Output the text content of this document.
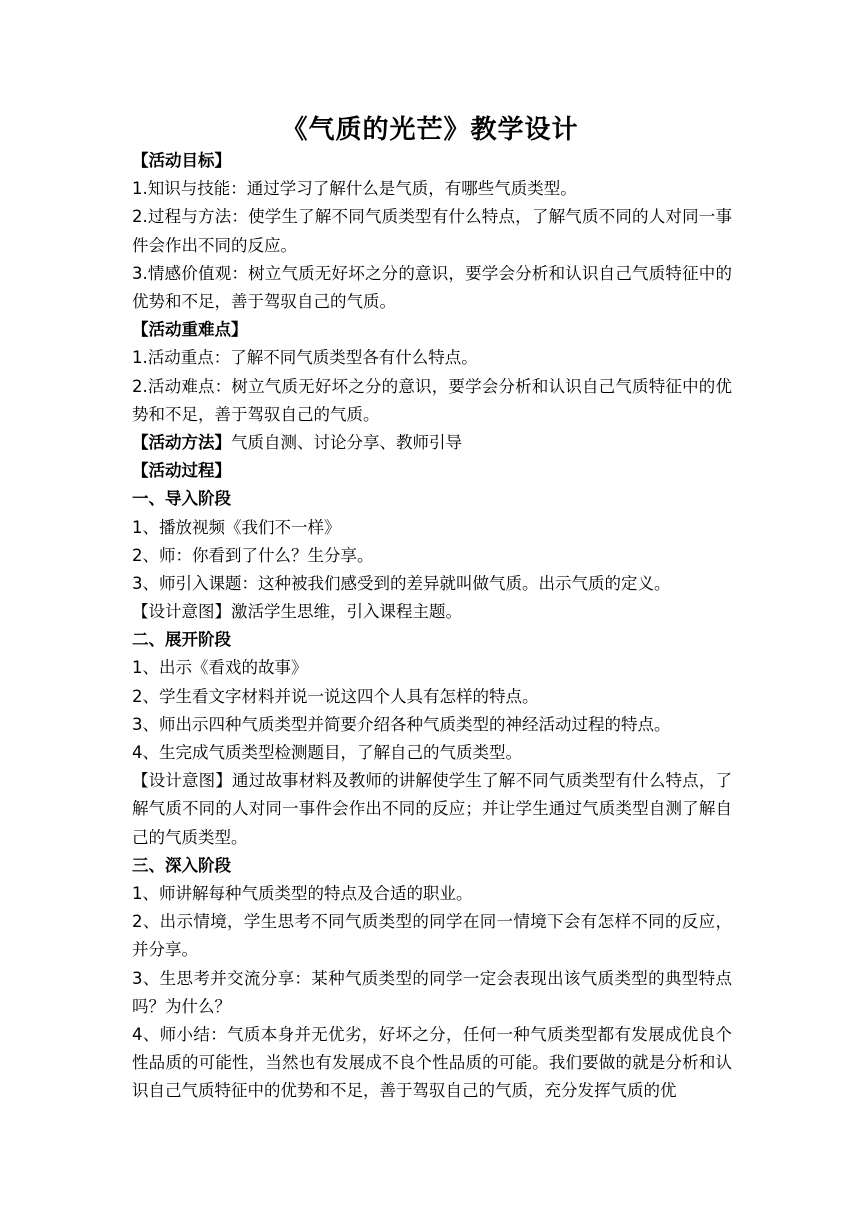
《气质的光芒》教学设计
【活动目标】
1.知识与技能：通过学习了解什么是气质，有哪些气质类型。
2.过程与方法：使学生了解不同气质类型有什么特点，了解气质不同的人对同一事件会作出不同的反应。
3.情感价值观：树立气质无好坏之分的意识，要学会分析和认识自己气质特征中的优势和不足，善于驾驭自己的气质。
【活动重难点】
1.活动重点：了解不同气质类型各有什么特点。
2.活动难点：树立气质无好坏之分的意识，要学会分析和认识自己气质特征中的优势和不足，善于驾驭自己的气质。
【活动方法】气质自测、讨论分享、教师引导
【活动过程】
一、导入阶段
1、播放视频《我们不一样》
2、师：你看到了什么？生分享。
3、师引入课题：这种被我们感受到的差异就叫做气质。出示气质的定义。
【设计意图】激活学生思维，引入课程主题。
二、展开阶段
1、出示《看戏的故事》
2、学生看文字材料并说一说这四个人具有怎样的特点。
3、师出示四种气质类型并简要介绍各种气质类型的神经活动过程的特点。
4、生完成气质类型检测题目，了解自己的气质类型。
【设计意图】通过故事材料及教师的讲解使学生了解不同气质类型有什么特点，了解气质不同的人对同一事件会作出不同的反应；并让学生通过气质类型自测了解自己的气质类型。
三、深入阶段
1、师讲解每种气质类型的特点及合适的职业。
2、出示情境，学生思考不同气质类型的同学在同一情境下会有怎样不同的反应，并分享。
3、生思考并交流分享：某种气质类型的同学一定会表现出该气质类型的典型特点吗？为什么？
4、师小结：气质本身并无优劣，好坏之分，任何一种气质类型都有发展成优良个性品质的可能性，当然也有发展成不良个性品质的可能。我们要做的就是分析和认识自己气质特征中的优势和不足，善于驾驭自己的气质，充分发挥气质的优
